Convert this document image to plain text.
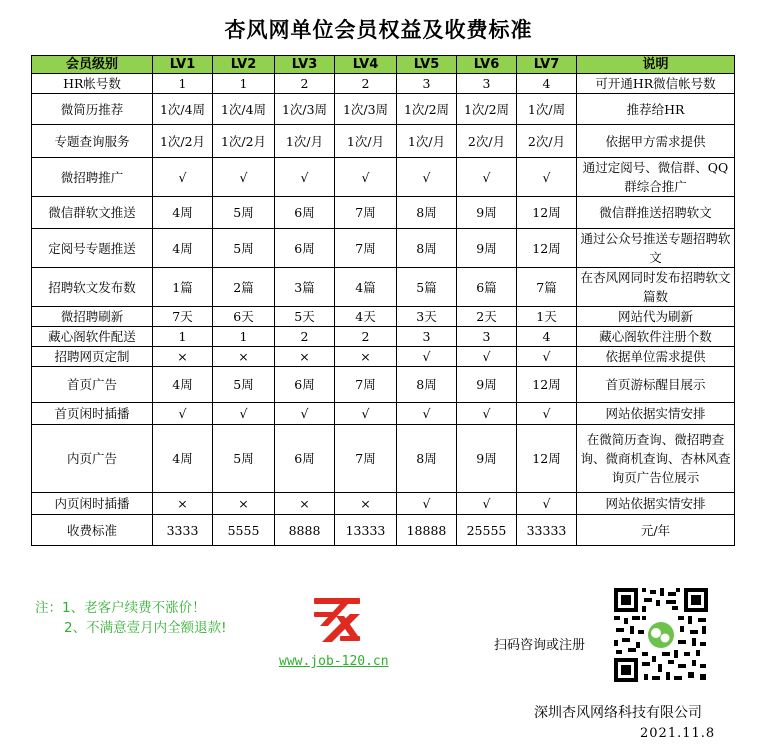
杏风网单位会员权益及收费标准
会员级别	LV1	LV2	LV3	LV4	LV5	LV6	LV7	说明
HR帐号数	1	1	2	2	3	3	4	可开通HR微信帐号数
微简历推荐	1次/4周	1次/4周	1次/3周	1次/3周	1次/2周	1次/2周	1次/周	推荐给HR
专题查询服务	1次/2月	1次/2月	1次/月	1次/月	1次/月	2次/月	2次/月	依据甲方需求提供
微招聘推广	√	√	√	√	√	√	√	通过定阅号、微信群、QQ群综合推广
微信群软文推送	4周	5周	6周	7周	8周	9周	12周	微信群推送招聘软文
定阅号专题推送	4周	5周	6周	7周	8周	9周	12周	通过公众号推送专题招聘软文
招聘软文发布数	1篇	2篇	3篇	4篇	5篇	6篇	7篇	在杏风网同时发布招聘软文篇数
微招聘刷新	7天	6天	5天	4天	3天	2天	1天	网站代为刷新
藏心阁软件配送	1	1	2	2	3	3	4	藏心阁软件注册个数
招聘网页定制	×	×	×	×	√	√	√	依据单位需求提供
首页广告	4周	5周	6周	7周	8周	9周	12周	首页游标醒目展示
首页闲时插播	√	√	√	√	√	√	√	网站依据实情安排
内页广告	4周	5周	6周	7周	8周	9周	12周	在微简历查询、微招聘查询、微商机查询、杏林风查询页广告位展示
内页闲时插播	×	×	×	×	√	√	√	网站依据实情安排
收费标准	3333	5555	8888	13333	18888	25555	33333	元/年
注：1、老客户续费不涨价！
2、不满意壹月内全额退款!
www.job-120.cn
扫码咨询或注册
深圳杏风网络科技有限公司
2021.11.8
